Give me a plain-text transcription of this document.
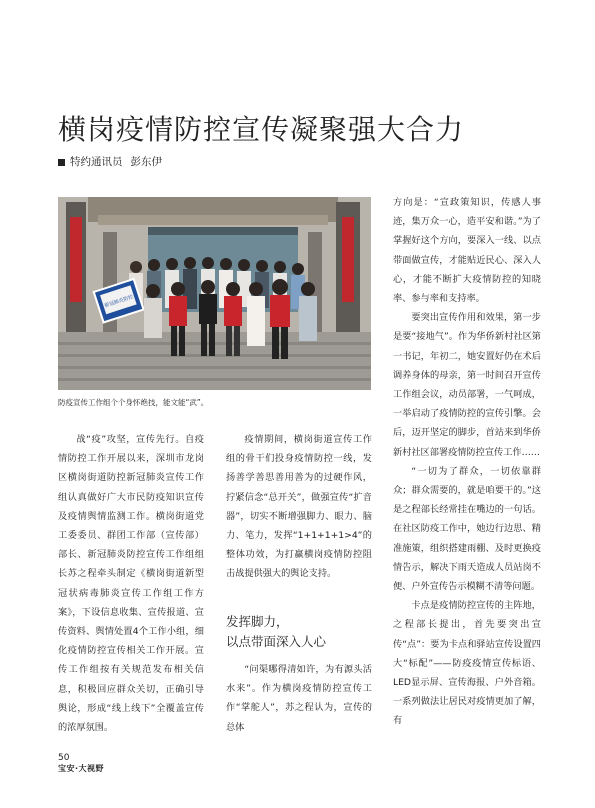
横岗疫情防控宣传凝聚强大合力
特约通讯员 彭东伊
新冠肺炎防控
防疫宣传工作组个个身怀绝技，能文能“武”。

战“疫”攻坚，宣传先行。自疫情防控工作开展以来，深圳市龙岗区横岗街道防控新冠肺炎宣传工作组认真做好广大市民防疫知识宣传及疫情舆情监测工作。横岗街道党工委委员、群团工作部（宣传部）部长、新冠肺炎防控宣传工作组组长苏之程牵头制定《横岗街道新型冠状病毒肺炎宣传工作组工作方案》，下设信息收集、宣传报道、宣传资料、舆情处置4个工作小组，细化疫情防控宣传相关工作开展。宣传工作组按有关规范发布相关信息，积极回应群众关切，正确引导舆论，形成“线上线下”全覆盖宣传的浓厚氛围。

疫情期间，横岗街道宣传工作组的骨干们投身疫情防控一线，发扬善学善思善用善为的过硬作风，拧紧信念“总开关”，做强宣传“扩音器”，切实不断增强脚力、眼力、脑力、笔力，发挥“1+1+1+1>4”的整体功效，为打赢横岗疫情防控阻击战提供强大的舆论支持。

发挥脚力，

以点带面深入人心

“问渠哪得清如许，为有源头活水来”。作为横岗疫情防控宣传工作“掌舵人”，苏之程认为，宣传的总体

方向是：“宣政策知识，传感人事迹，集万众一心，造平安和谐。”为了掌握好这个方向，要深入一线、以点带面做宣传，才能贴近民心、深入人心，才能不断扩大疫情防控的知晓率、参与率和支持率。

要突出宣传作用和效果，第一步是要“接地气”。作为华侨新村社区第一书记，年初二，她安置好仍在术后调养身体的母亲，第一时间召开宣传工作组会议，动员部署，一气呵成，一举启动了疫情防控的宣传引擎。会后，迈开坚定的脚步，首站来到华侨新村社区部署疫情防控宣传工作……

“一切为了群众，一切依靠群众；群众需要的，就是咱要干的。”这是之程部长经常挂在嘴边的一句话。在社区防疫工作中，她边行边思、精准施策，组织搭建雨棚、及时更换疫情告示，解决下雨天造成人员站岗不便、户外宣传告示模糊不清等问题。

卡点是疫情防控宣传的主阵地，之程部长提出，首先要突出宣传“点”：要为卡点和驿站宣传设置四大“标配”——防疫疫情宣传标语、LED显示屏、宣传海报、户外音箱。一系列做法让居民对疫情更加了解，有

50
宝安·大视野
